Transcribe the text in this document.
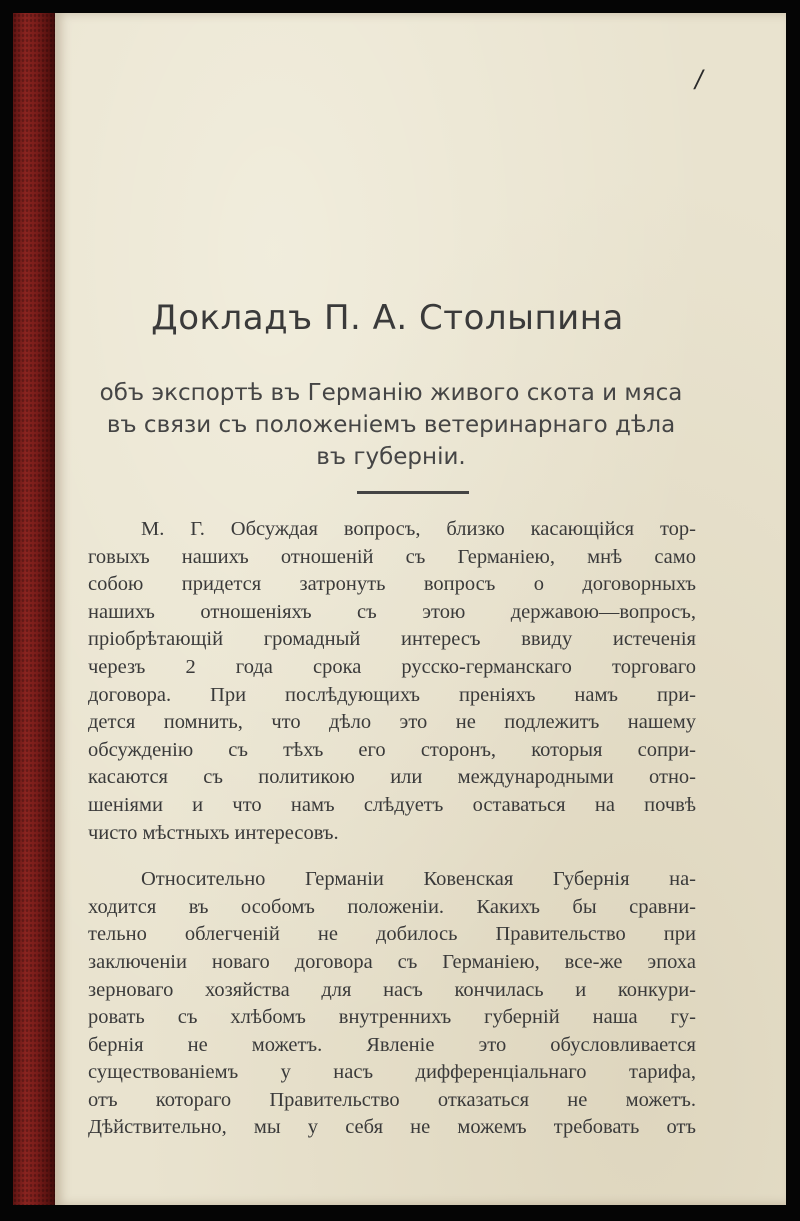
/
Докладъ П. А. Столыпина
объ экспортѣ въ Германію живого скота и мяса
въ связи съ положеніемъ ветеринарнаго дѣла
въ губерніи.
М. Г. Обсуждая вопросъ, близко касающійся тор-
говыхъ нашихъ отношеній съ Германіею, мнѣ само
собою придется затронуть вопросъ о договорныхъ
нашихъ отношеніяхъ съ этою державою—вопросъ,
пріобрѣтающій громадный интересъ ввиду истеченія
черезъ 2 года срока русско-германскаго торговаго
договора. При послѣдующихъ преніяхъ намъ при-
дется помнить, что дѣло это не подлежитъ нашему
обсужденію съ тѣхъ его сторонъ, которыя сопри-
касаются съ политикою или международными отно-
шеніями и что намъ слѣдуетъ оставаться на почвѣ
чисто мѣстныхъ интересовъ.
Относительно Германіи Ковенская Губернія на-
ходится въ особомъ положеніи. Какихъ бы сравни-
тельно облегченій не добилось Правительство при
заключеніи новаго договора съ Германіею, все-же эпоха
зерноваго хозяйства для насъ кончилась и конкури-
ровать съ хлѣбомъ внутреннихъ губерній наша гу-
бернія не можетъ. Явленіе это обусловливается
существованіемъ у насъ дифференціальнаго тарифа,
отъ котораго Правительство отказаться не можетъ.
Дѣйствительно, мы у себя не можемъ требовать отъ
